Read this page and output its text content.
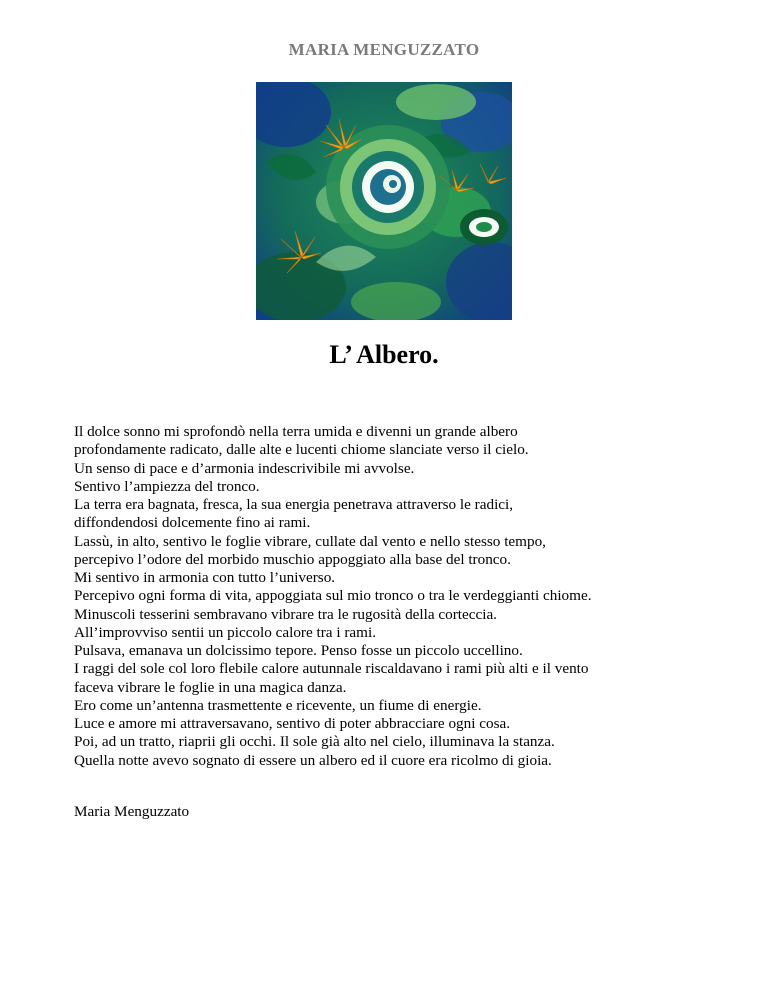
MARIA MENGUZZATO
L’ Albero.
Il dolce sonno mi sprofondò nella terra umida e divenni un grande albero
profondamente radicato, dalle alte e lucenti chiome slanciate verso il cielo.
Un senso di pace e d’armonia indescrivibile mi avvolse.
Sentivo l’ampiezza del tronco.
La terra era bagnata, fresca, la sua energia penetrava attraverso le radici,
diffondendosi dolcemente fino ai rami.
Lassù, in alto, sentivo le foglie vibrare, cullate dal vento e nello stesso tempo,
percepivo l’odore del morbido muschio appoggiato alla base del tronco.
Mi sentivo in armonia con tutto l’universo.
Percepivo ogni forma di vita, appoggiata sul mio tronco o tra le verdeggianti chiome.
Minuscoli tesserini sembravano vibrare tra le rugosità della corteccia.
All’improvviso sentii un piccolo calore tra i rami.
Pulsava, emanava un dolcissimo tepore. Penso fosse un piccolo uccellino.
I raggi del sole col loro flebile calore autunnale riscaldavano i rami più alti e il vento
faceva vibrare le foglie in una magica danza.
Ero come un’antenna trasmettente e ricevente, un fiume di energie.
Luce e amore mi attraversavano, sentivo di poter abbracciare ogni cosa.
Poi, ad un tratto, riaprii gli occhi. Il sole già alto nel cielo, illuminava la stanza.
Quella notte avevo sognato di essere un albero ed il cuore era ricolmo di gioia.
Maria Menguzzato
